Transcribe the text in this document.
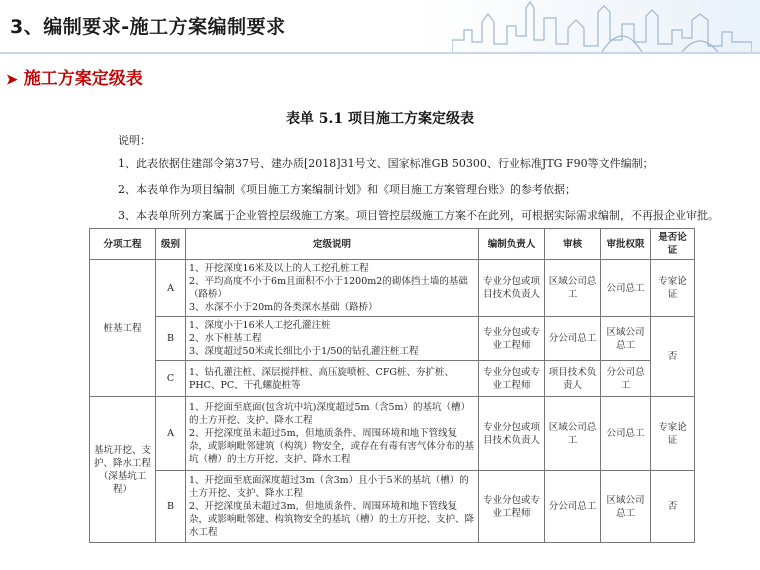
3、编制要求-施工方案编制要求
➤ 施工方案定级表
表单 5.1 项目施工方案定级表
说明：
1、此表依据住建部令第37号、建办质[2018]31号文、国家标准GB 50300、行业标准JTG F90等文件编制；
2、本表单作为项目编制《项目施工方案编制计划》和《项目施工方案管理台账》的参考依据；
3、本表单所列方案属于企业管控层级施工方案。项目管控层级施工方案不在此列，可根据实际需求编制，不再报企业审批。
分项工程	级别	定级说明	编制负责人	审核	审批权限	是否论证
桩基工程	A	1、开挖深度16米及以上的人工挖孔桩工程
2、平均高度不小于6m且面积不小于1200m2的砌体挡土墙的基础（路桥）
3、水深不小于20m的各类深水基础（路桥）	专业分包或项目技术负责人	区域公司总工	公司总工	专家论证
	B	1、深度小于16米人工挖孔灌注桩
2、水下桩基工程
3、深度超过50米或长细比小于1/50的钻孔灌注桩工程	专业分包或专业工程师	分公司总工	区域公司总工	否
	C	1、钻孔灌注桩、深层搅拌桩、高压旋喷桩、CFG桩、夯扩桩、PHC、PC、干孔螺旋桩等	专业分包或专业工程师	项目技术负责人	分公司总工	
基坑开挖、支护、降水工程（深基坑工程）	A	1、开挖面至底面(包含坑中坑)深度超过5m（含5m）的基坑（槽）的土方开挖、支护、降水工程
2、开挖深度虽未超过5m，但地质条件、周围环境和地下管线复杂，或影响毗邻建筑（构筑）物安全，或存在有毒有害气体分布的基坑（槽）的土方开挖、支护、降水工程	专业分包或项目技术负责人	区域公司总工	公司总工	专家论证
	B	1、开挖面至底面深度超过3m（含3m）且小于5米的基坑（槽）的土方开挖、支护、降水工程
2、开挖深度虽未超过3m，但地质条件、周围环境和地下管线复杂，或影响毗邻建、构筑物安全的基坑（槽）的土方开挖、支护、降水工程	专业分包或专业工程师	分公司总工	区域公司总工	否
